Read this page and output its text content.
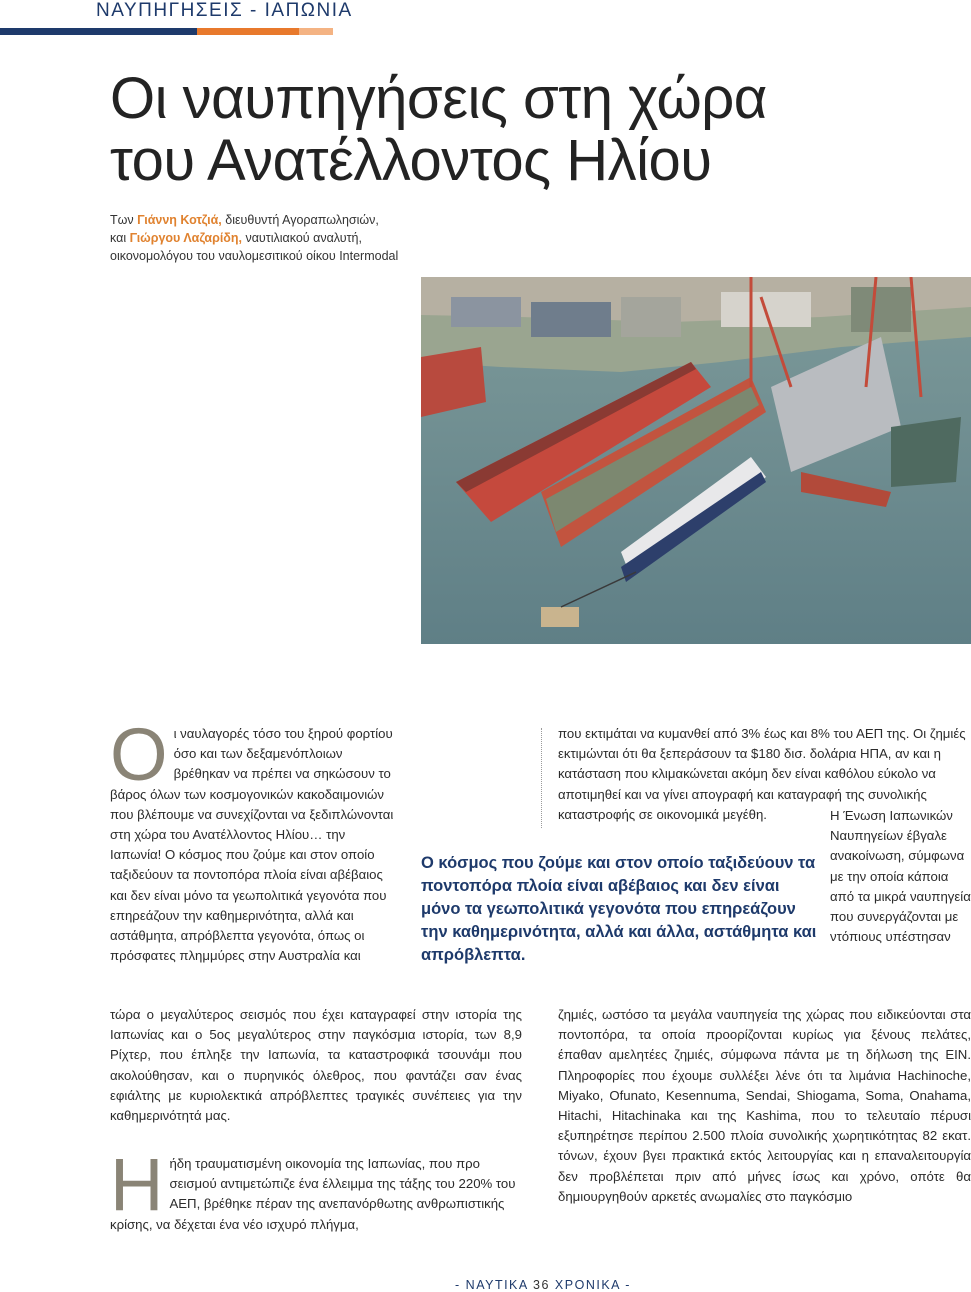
ΝΑΥΠΗΓΗΣΕΙΣ - ΙΑΠΩΝΙΑ
Οι ναυπηγήσεις στη χώρα
του Ανατέλλοντος Ηλίου
Των Γιάννη Κοτζιά, διευθυντή Αγοραπωλησιών,
και Γιώργου Λαζαρίδη, ναυτιλιακού αναλυτή,
οικονομολόγου του ναυλομεσιτικού οίκου Intermodal
Ο ι ναυλαγορές τόσο του ξηρού φορτίου όσο και των δεξαμενόπλοιων βρέθηκαν να πρέπει να σηκώσουν το βάρος όλων των κοσμογονικών κακοδαιμονιών που βλέπουμε να συνεχίζονται να ξεδιπλώνονται στη χώρα του Ανατέλλοντος Ηλίου… την Ιαπωνία! Ο κόσμος που ζούμε και στον οποίο ταξιδεύουν τα ποντοπόρα πλοία είναι αβέβαιος και δεν είναι μόνο τα γεωπολιτικά γεγονότα που επηρεάζουν την καθημερινότητα, αλλά και αστάθμητα, απρόβλεπτα γεγονότα, όπως οι πρόσφατες πλημμύρες στην Αυστραλία και
τώρα ο μεγαλύτερος σεισμός που έχει καταγραφεί στην ιστορία της Ιαπωνίας και ο 5ος μεγαλύτερος στην παγκόσμια ιστορία, των 8,9 Ρίχτερ, που έπληξε την Ιαπωνία, τα καταστροφικά τσουνάμι που ακολούθησαν, και ο πυρηνικός όλεθρος, που φαντάζει σαν ένας εφιάλτης με κυριολεκτικά απρόβλεπτες τραγικές συνέπειες για την καθημερινότητά μας.
Η ήδη τραυματισμένη οικονομία της Ιαπωνίας, που προ σεισμού αντιμετώπιζε ένα έλλειμμα της τάξης του 220% του ΑΕΠ, βρέθηκε πέραν της ανεπανόρθωτης ανθρωπιστικής κρίσης, να δέχεται ένα νέο ισχυρό πλήγμα,
που εκτιμάται να κυμανθεί από 3% έως και 8% του ΑΕΠ της. Οι ζημιές εκτιμώνται ότι θα ξεπεράσουν τα $180 δισ. δολάρια ΗΠΑ, αν και η κατάσταση που κλιμακώνεται ακόμη δεν είναι καθόλου εύκολο να αποτιμηθεί και να γίνει απογραφή και καταγραφή της συνολικής καταστροφής σε οικονομικά μεγέθη.
Ο κόσμος που ζούμε και στον οποίο ταξιδεύουν τα ποντοπόρα πλοία είναι αβέβαιος και δεν είναι μόνο τα γεωπολιτικά γεγονότα που επηρεάζουν την καθημερινότητα, αλλά και άλλα, αστάθμητα και απρόβλεπτα.
Η Ένωση Ιαπωνικών Ναυπηγείων έβγαλε ανακοίνωση, σύμφωνα με την οποία κάποια από τα μικρά ναυπηγεία που συνεργάζονται με ντόπιους υπέστησαν
ζημιές, ωστόσο τα μεγάλα ναυπηγεία της χώρας που ειδικεύονται στα ποντοπόρα, τα οποία προορίζονται κυρίως για ξένους πελάτες, έπαθαν αμελητέες ζημιές, σύμφωνα πάντα με τη δήλωση της ΕΙΝ. Πληροφορίες που έχουμε συλλέξει λένε ότι τα λιμάνια Hachinoche, Miyako, Ofunato, Kesennuma, Sendai, Shiogama, Soma, Onahama, Hitachi, Hitachinaka και της Kashima, που το τελευταίο πέρυσι εξυπηρέτησε περίπου 2.500 πλοία συνολικής χωρητικότητας 82 εκατ. τόνων, έχουν βγει πρακτικά εκτός λειτουργίας και η επαναλειτουργία δεν προβλέπεται πριν από μήνες ίσως και χρόνο, οπότε θα δημιουργηθούν αρκετές ανωμαλίες στο παγκόσμιο
- ΝΑΥΤΙΚΑ 36 ΧΡΟΝΙΚΑ -
